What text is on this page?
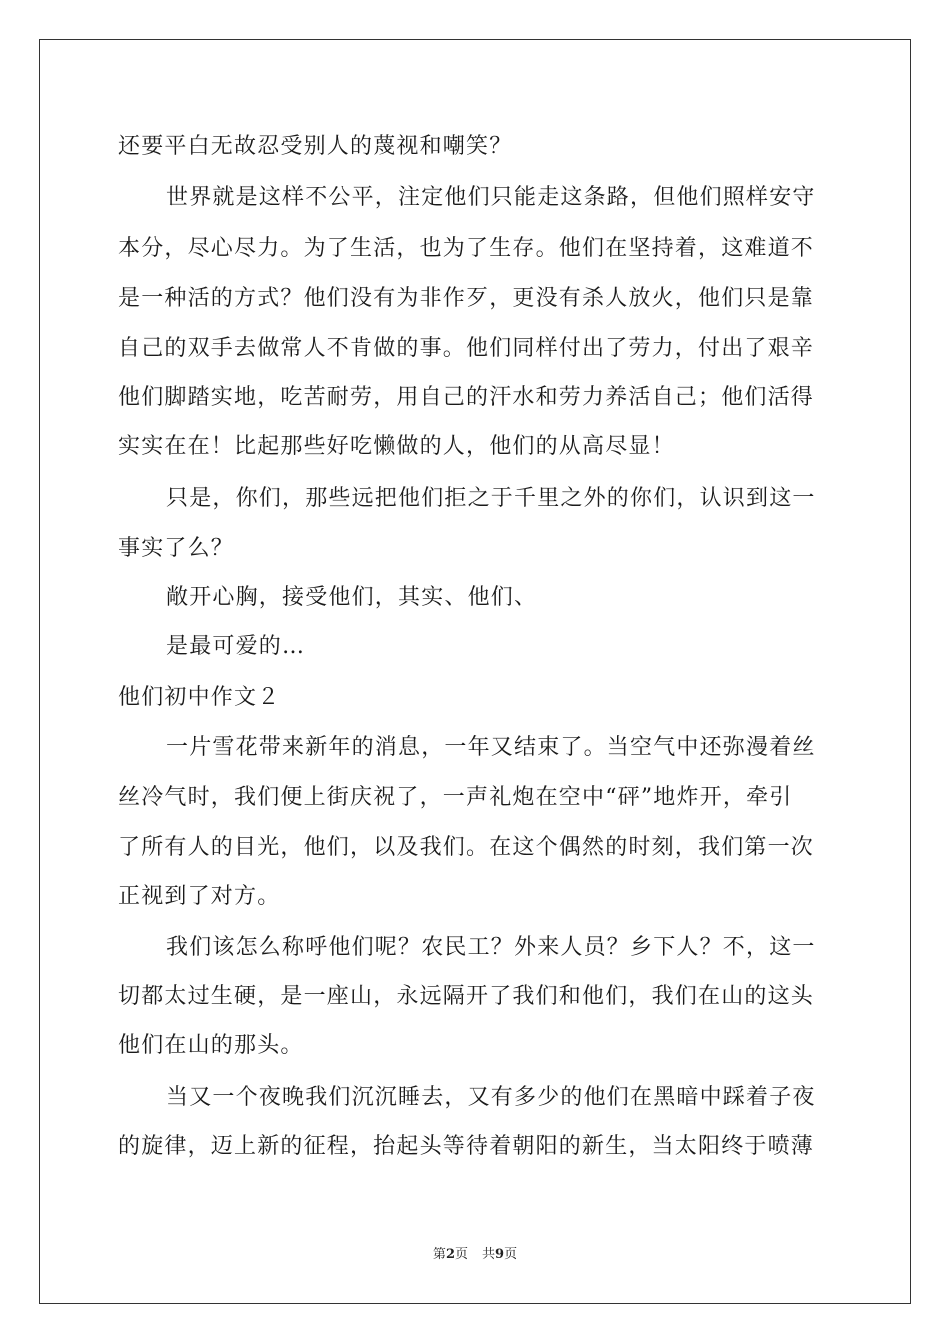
还要平白无故忍受别人的蔑视和嘲笑？
世界就是这样不公平，注定他们只能走这条路，但他们照样安守
本分，尽心尽力。为了生活，也为了生存。他们在坚持着，这难道不
是一种活的方式？他们没有为非作歹，更没有杀人放火，他们只是靠
自己的双手去做常人不肯做的事。他们同样付出了劳力，付出了艰辛
他们脚踏实地，吃苦耐劳，用自己的汗水和劳力养活自己；他们活得
实实在在！比起那些好吃懒做的人，他们的从高尽显！
只是，你们，那些远把他们拒之于千里之外的你们，认识到这一
事实了么？
敞开心胸，接受他们，其实、他们、
是最可爱的…
他们初中作文２
一片雪花带来新年的消息，一年又结束了。当空气中还弥漫着丝
丝冷气时，我们便上街庆祝了，一声礼炮在空中“砰”地炸开，牵引
了所有人的目光，他们，以及我们。在这个偶然的时刻，我们第一次
正视到了对方。
我们该怎么称呼他们呢？农民工？外来人员？乡下人？不，这一
切都太过生硬，是一座山，永远隔开了我们和他们，我们在山的这头
他们在山的那头。
当又一个夜晚我们沉沉睡去，又有多少的他们在黑暗中踩着子夜
的旋律，迈上新的征程，抬起头等待着朝阳的新生，当太阳终于喷薄
第2页 共9页
